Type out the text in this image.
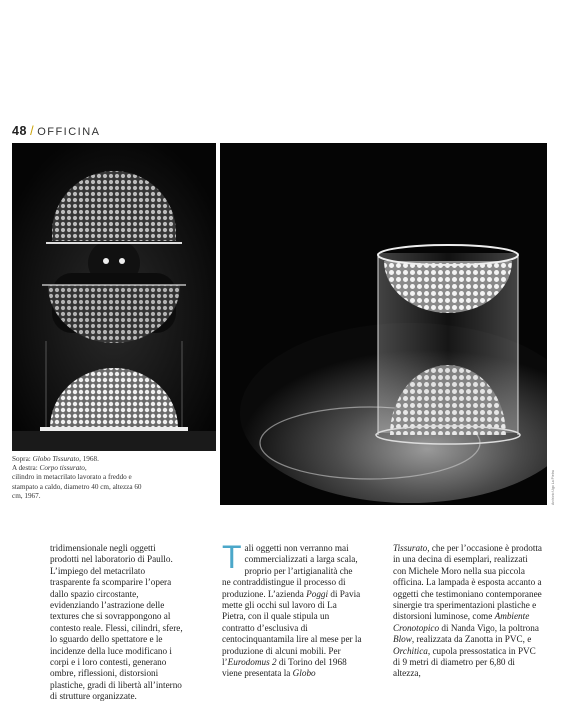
48 / OFFICINA
Archivio Ugo La Pietra

Sopra: Globo Tissurato, 1968.

A destra: Corpo tissurato,

cilindro in metacrilato lavorato a freddo e stampato a caldo, diametro 40 cm, altezza 60 cm, 1967.

tridimensionale negli oggetti prodotti nel laboratorio di Paullo. L’impiego del metacrilato trasparente fa scomparire l’opera dallo spazio circostante, evidenziando l’astrazione delle textures che si sovrappongono al contesto reale. Flessi, cilindri, sfere, lo sguardo dello spettatore e le incidenze della luce modificano i corpi e i loro contesti, generano ombre, riflessioni, distorsioni plastiche, gradi di libertà all’interno di strutture organizzate.

Tali oggetti non verranno mai commercializzati a larga scala, proprio per l’artigianalità che ne contraddistingue il processo di produzione. L’azienda Poggi di Pavia mette gli occhi sul lavoro di La Pietra, con il quale stipula un contratto d’esclusiva di centocinquantamila lire al mese per la produzione di alcuni mobili. Per l’Eurodomus 2 di Torino del 1968 viene presentata la Globo

Tissurato, che per l’occasione è prodotta in una decina di esemplari, realizzati con Michele Moro nella sua piccola officina. La lampada è esposta accanto a oggetti che testimoniano contemporanee sinergie tra sperimentazioni plastiche e distorsioni luminose, come Ambiente Cronotopico di Nanda Vigo, la poltrona Blow, realizzata da Zanotta in PVC, e Orchitica, cupola pressostatica in PVC di 9 metri di diametro per 6,80 di altezza,
